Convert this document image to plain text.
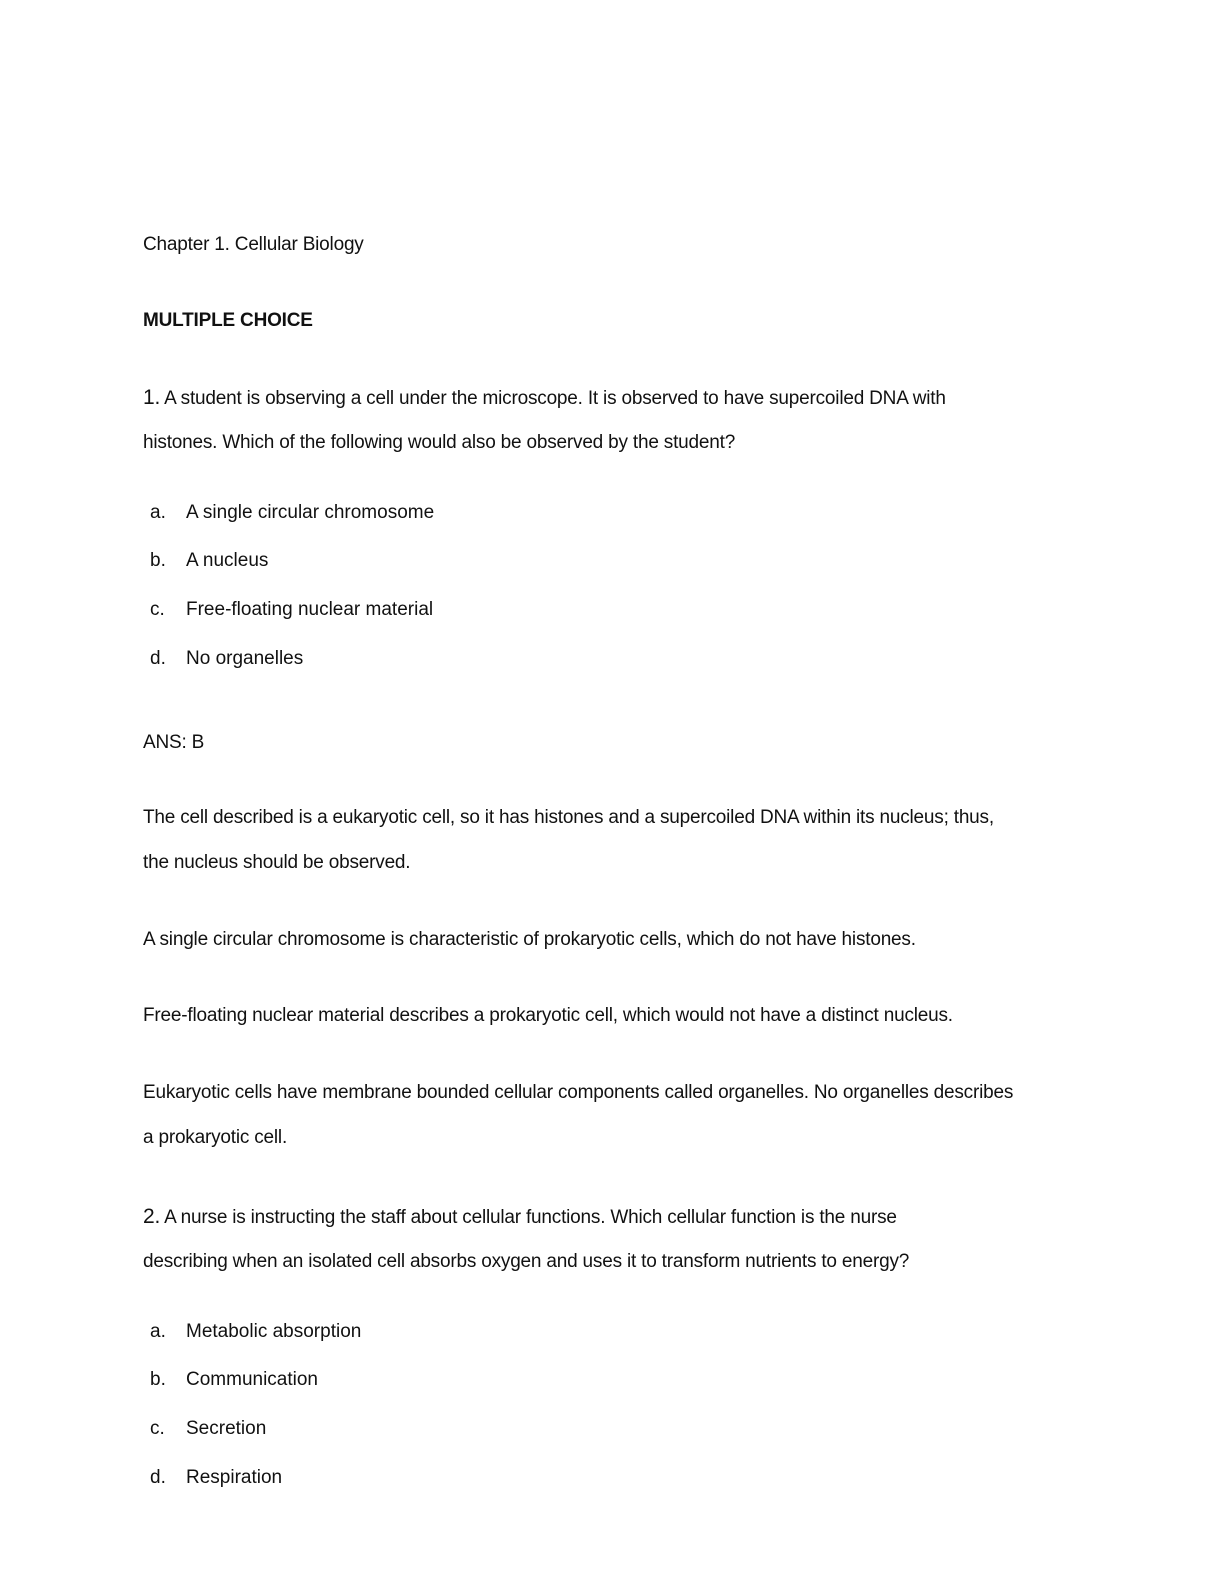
Chapter 1. Cellular Biology
MULTIPLE CHOICE
1. A student is observing a cell under the microscope. It is observed to have supercoiled DNA with
histones. Which of the following would also be observed by the student?
a. A single circular chromosome
b. A nucleus
c. Free-floating nuclear material
d. No organelles
ANS: B
The cell described is a eukaryotic cell, so it has histones and a supercoiled DNA within its nucleus; thus,
the nucleus should be observed.
A single circular chromosome is characteristic of prokaryotic cells, which do not have histones.
Free-floating nuclear material describes a prokaryotic cell, which would not have a distinct nucleus.
Eukaryotic cells have membrane bounded cellular components called organelles. No organelles describes
a prokaryotic cell.
2. A nurse is instructing the staff about cellular functions. Which cellular function is the nurse
describing when an isolated cell absorbs oxygen and uses it to transform nutrients to energy?
a. Metabolic absorption
b. Communication
c. Secretion
d. Respiration
